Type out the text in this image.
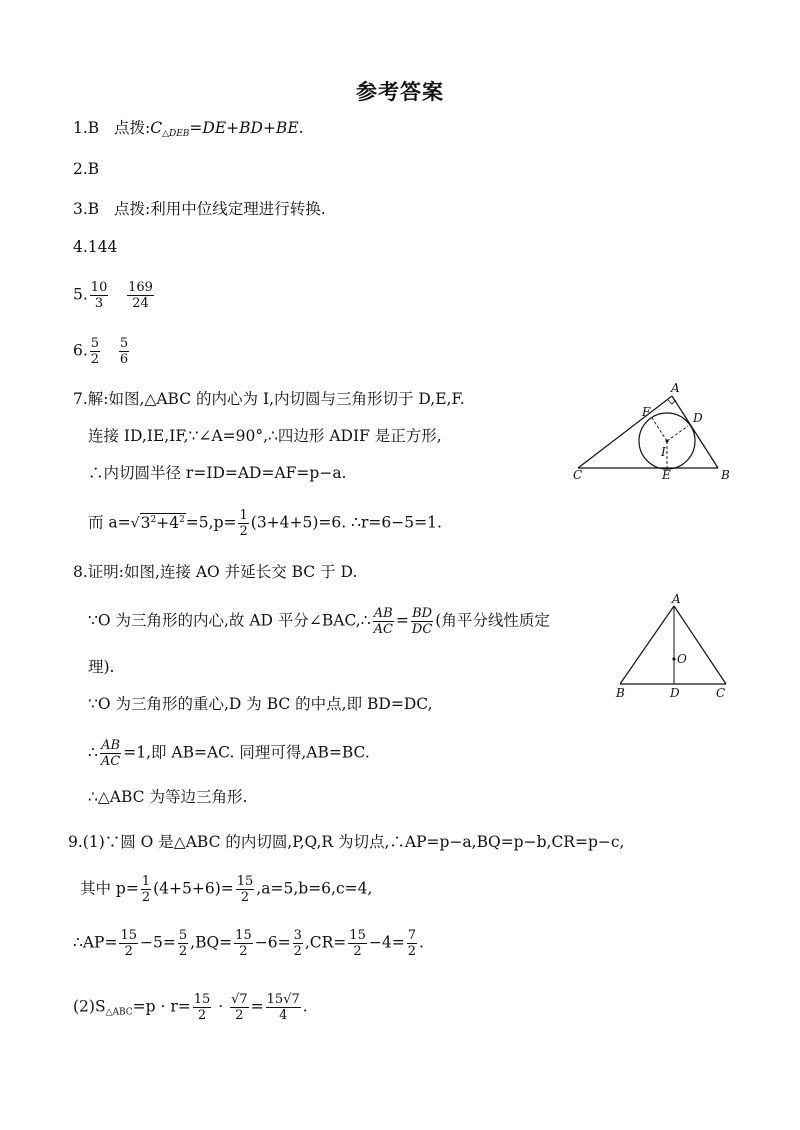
参考答案
1.B 点拨$:C_{\triangle DEB}=DE+BD+BE$.
2.B
3.B 点拨:利用中位线定理进行转换.
4.144
5. $\frac{10}{3}$
$\frac{169}{24}$
6. $\frac{5}{2}$
$\frac{5}{6}$
7.解:如图,△ABC 的内心为 I,内切圆与三角形切于 D,E,F.
连接 ID,IE,IF,∵∠A=90°,∴四边形 ADIF 是正方形,
∴内切圆半径 r=ID=AD=AF=p−a.
而 $a=√3^2+4^2=5,p= \frac{1}{2} (3+4+5)=6$. ∴r=6−5=1.
A
B
C
D
E
F
I
8.证明:如图,连接 AO 并延长交 BC 于 D.
∵O 为三角形的内心,故 AD 平分∠BAC,∴ $\frac{AB}{AC} = \frac{BD}{DC}$ (角平分线性质定
理).
∵O 为三角形的重心,D 为 BC 的中点,即 BD=DC,
∴ $\frac{AB}{AC} =1$,即 AB=AC. 同理可得,AB=BC.
∴△ABC 为等边三角形.
A
B	D	C
O
9.(1)∵圆 O 是△ABC 的内切圆,P,Q,R 为切点,∴AP=p−a,BQ=p−b,CR=p−c,
其中 $p= \frac{1}{2} (4+5+6)= \frac{15}{2} ,a=5,b=6,c=4$,
∴AP= $\frac{15}{2} -5= \frac{5}{2} ,BQ= \frac{15}{2} -6= \frac{3}{2} ,CR= \frac{15}{2} -4= \frac{7}{2}$ .
$(2)S_{\triangle ABC}=p \cdot r= \frac{15}{2} \cdot \frac{√7}{2} = \frac{15√7}{4}$ .
